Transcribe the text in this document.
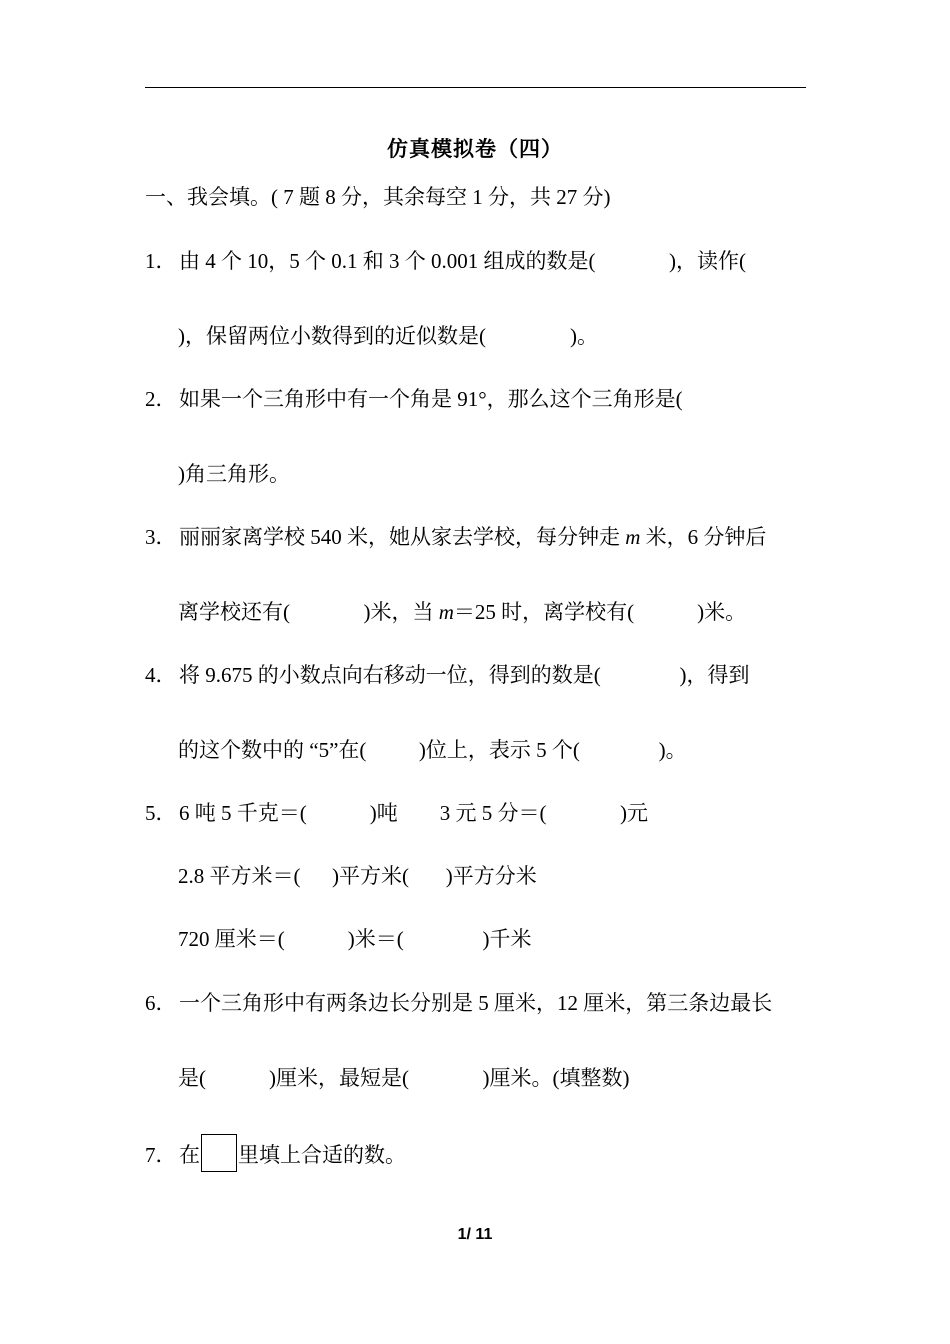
仿真模拟卷（四）
一、我会填。( 7 题 8 分，其余每空 1 分，共 27 分)
1． 由 4 个 10，5 个 0.1 和 3 个 0.001 组成的数是(              )，读作(
)，保留两位小数得到的近似数是(                )。
2． 如果一个三角形中有一个角是 91°，那么这个三角形是(
)角三角形。
3． 丽丽家离学校 540 米，她从家去学校，每分钟走 m 米，6 分钟后
离学校还有(              )米，当 m＝25 时，离学校有(            )米。
4． 将 9.675 的小数点向右移动一位，得到的数是(               )，得到
的这个数中的 “5”在(          )位上，表示 5 个(               )。
5． 6 吨 5 千克＝(            )吨        3 元 5 分＝(              )元
2.8 平方米＝(      )平方米(       )平方分米
720 厘米＝(            )米＝(               )千米
6． 一个三角形中有两条边长分别是 5 厘米，12 厘米，第三条边最长
是(            )厘米，最短是(              )厘米。(填整数)
7． 在 里填上合适的数。
1/ 11
